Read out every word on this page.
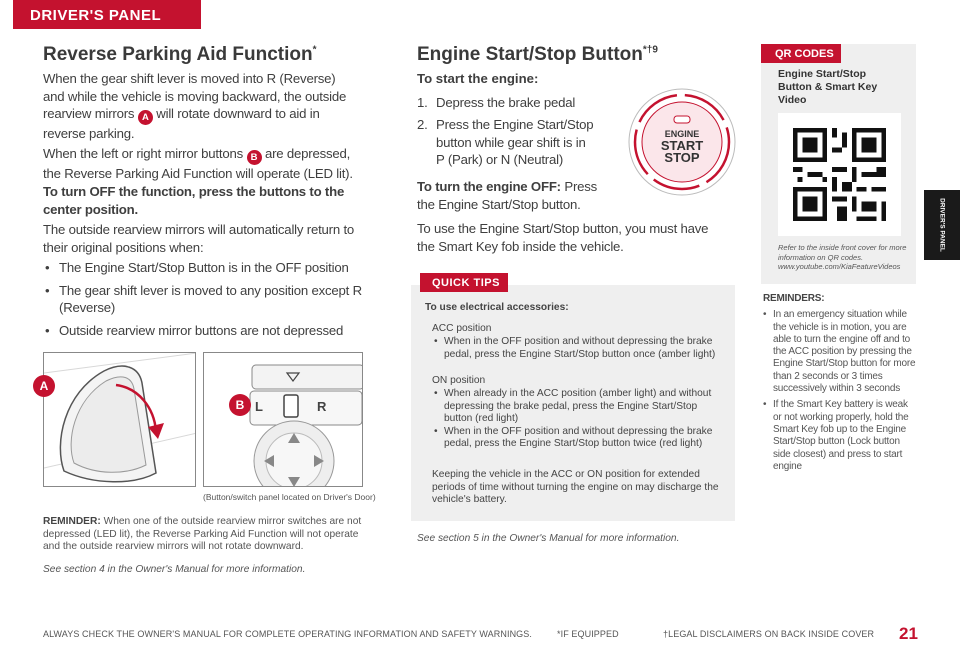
DRIVER'S PANEL
DRIVER'S PANEL
Reverse Parking Aid Function*
When the gear shift lever is moved into R (Reverse) and while the vehicle is moving backward, the outside rearview mirrors A will rotate downward to aid in reverse parking.
When the left or right mirror buttons B are depressed, the Reverse Parking Aid Function will operate (LED lit).
To turn OFF the function, press the buttons to the center position.
The outside rearview mirrors will automatically return to their original positions when:
• The Engine Start/Stop Button is in the OFF position
• The gear shift lever is moved to any position except R (Reverse)
• Outside rearview mirror buttons are not depressed
A
L	R
B
(Button/switch panel located on Driver's Door)
REMINDER: When one of the outside rearview mirror switches are not depressed (LED lit), the Reverse Parking Aid Function will not operate and the outside rearview mirrors will not rotate downward.
See section 4 in the Owner's Manual for more information.
Engine Start/Stop Button$^{*\dagger 9}$
To start the engine:
1. Depress the brake pedal
2. Press the Engine Start/Stop button while gear shift is in P (Park) or N (Neutral)
To turn the engine OFF: Press the Engine Start/Stop button.
To use the Engine Start/Stop button, you must have the Smart Key fob inside the vehicle.
ENGINE
START
STOP
QUICK TIPS
To use electrical accessories:
ACC position
• When in the OFF position and without depressing the brake pedal, press the Engine Start/Stop button once (amber light)
ON position
• When already in the ACC position (amber light) and without depressing the brake pedal, press the Engine Start/Stop button (red light)
• When in the OFF position and without depressing the brake pedal, press the Engine Start/Stop button twice (red light)
Keeping the vehicle in the ACC or ON position for extended periods of time without turning the engine on may discharge the vehicle's battery.
See section 5 in the Owner's Manual for more information.
QR CODES
Engine Start/Stop Button & Smart Key Video
Refer to the inside front cover for more information on QR codes. www.youtube.com/KiaFeatureVideos
REMINDERS:
• In an emergency situation while the vehicle is in motion, you are able to turn the engine off and to the ACC position by pressing the Engine Start/Stop button for more than 2 seconds or 3 times successively within 3 seconds
• If the Smart Key battery is weak or not working properly, hold the Smart Key fob up to the Engine Start/Stop button (Lock button side closest) and press to start engine
ALWAYS CHECK THE OWNER'S MANUAL FOR COMPLETE OPERATING INFORMATION AND SAFETY WARNINGS.	*IF EQUIPPED	†LEGAL DISCLAIMERS ON BACK INSIDE COVER 21
